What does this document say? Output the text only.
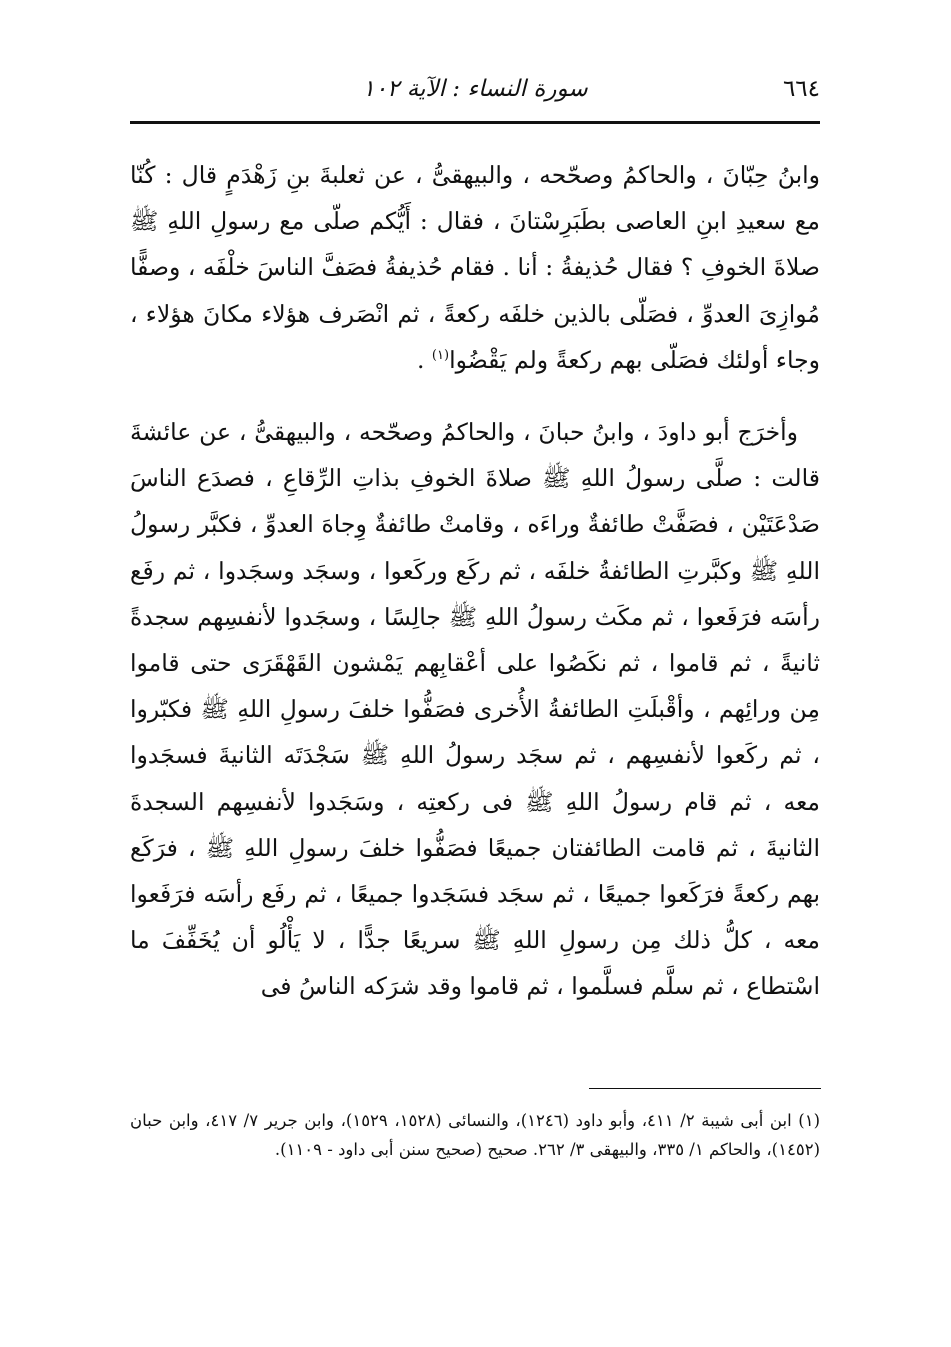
٦٦٤
سورة النساء : الآية ١٠٢

وابنُ حِبّانَ ، والحاكمُ وصحّحه ، والبيهقىُّ ، عن ثعلبةَ بنِ زَهْدَمٍ قال : كُنّا مع سعيدِ ابنِ العاصى بطَبَرِسْتانَ ، فقال : أَيُّكم صلّى مع رسولِ اللهِ ﷺ صلاةَ الخوفِ ؟ فقال حُذيفةُ : أنا . فقام حُذيفةُ فصَفَّ الناسَ خلْفَه ، وصفًّا مُوازِىَ العدوِّ ، فصَلّى بالذين خلفَه ركعةً ، ثم انْصَرف هؤلاء مكانَ هؤلاء ، وجاء أولئك فصَلّى بهم ركعةً ولم يَقْضُوا$^{(١)}$ .

وأخرَج أبو داودَ ، وابنُ حبانَ ، والحاكمُ وصحّحه ، والبيهقىُّ ، عن عائشةَ قالت : صلَّى رسولُ اللهِ ﷺ صلاةَ الخوفِ بذاتِ الرِّقاعِ ، فصدَع الناسَ صَدْعَتَيْن ، فصَفَّتْ طائفةٌ وراءَه ، وقامتْ طائفةٌ وِجاهَ العدوِّ ، فكبَّر رسولُ اللهِ ﷺ وكبَّرتِ الطائفةُ خلفَه ، ثم ركَع وركَعوا ، وسجَد وسجَدوا ، ثم رفَع رأسَه فرَفَعوا ، ثم مكَث رسولُ اللهِ ﷺ جالِسًا ، وسجَدوا لأنفسِهم سجدةً ثانيةً ، ثم قاموا ، ثم نكَصُوا على أعْقابِهم يَمْشون القَهْقَرَى حتى قاموا مِن ورائِهم ، وأقْبلَتِ الطائفةُ الأُخرى فصَفُّوا خلفَ رسولِ اللهِ ﷺ فكبّروا ، ثم ركَعوا لأنفسِهم ، ثم سجَد رسولُ اللهِ ﷺ سَجْدَتَه الثانيةَ فسجَدوا معه ، ثم قام رسولُ اللهِ ﷺ فى ركعتِه ، وسَجَدوا لأنفسِهم السجدةَ الثانيةَ ، ثم قامت الطائفتان جميعًا فصَفُّوا خلفَ رسولِ اللهِ ﷺ ، فرَكَع بهم ركعةً فرَكَعوا جميعًا ، ثم سجَد فسَجَدوا جميعًا ، ثم رفَع رأسَه فرَفَعوا معه ، كلُّ ذلك مِن رسولِ اللهِ ﷺ سريعًا جدًّا ، لا يَأْلُو أن يُخَفِّفَ ما اسْتطاع ، ثم سلَّم فسلَّموا ، ثم قاموا وقد شرَكه الناسُ فى

(١) ابن أبى شيبة ٢/ ٤١١، وأبو داود (١٢٤٦)، والنسائى (١٥٢٨، ١٥٢٩)، وابن جرير ٧/ ٤١٧، وابن حبان (١٤٥٢)، والحاكم ١/ ٣٣٥، والبيهقى ٣/ ٢٦٢. صحيح (صحيح سنن أبى داود - ١١٠٩).
